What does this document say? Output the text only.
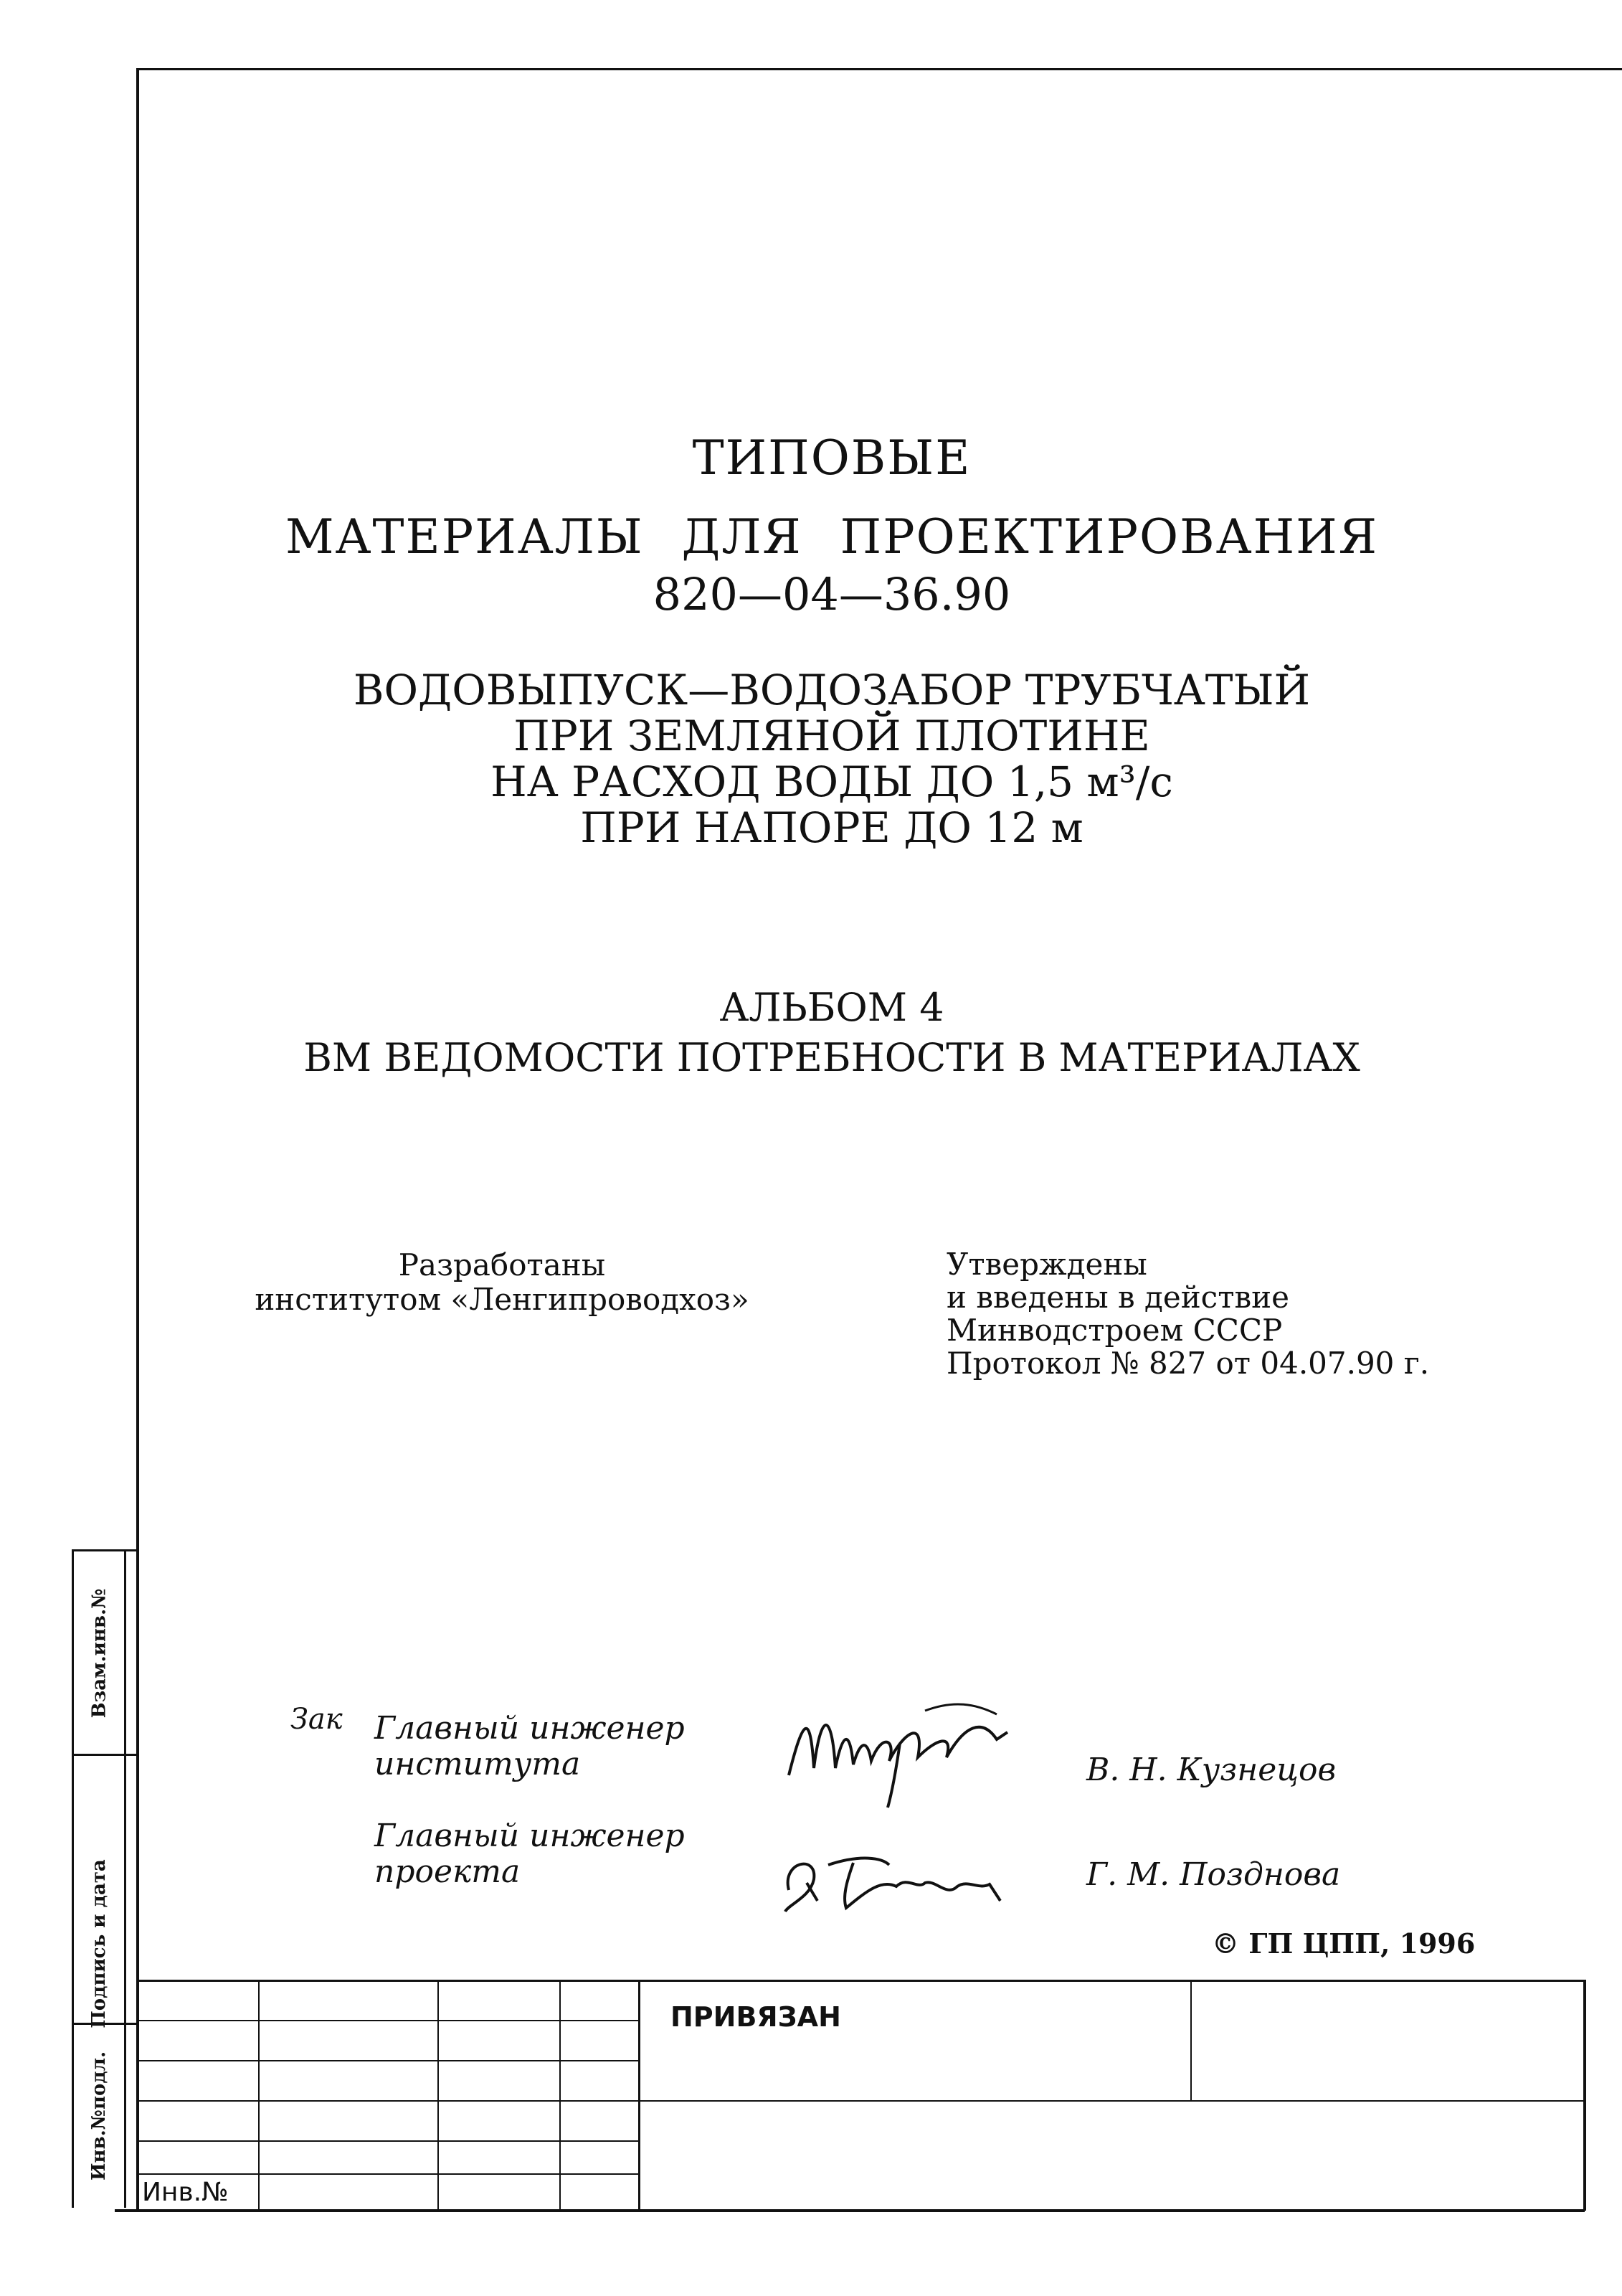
ТИПОВЫЕ
МАТЕРИАЛЫ ДЛЯ ПРОЕКТИРОВАНИЯ
820—04—36.90
ВОДОВЫПУСК—ВОДОЗАБОР ТРУБЧАТЫЙ
ПРИ ЗЕМЛЯНОЙ ПЛОТИНЕ
НА РАСХОД ВОДЫ ДО 1,5 м³/с
ПРИ НАПОРЕ ДО 12 м
АЛЬБОМ 4
ВМ ВЕДОМОСТИ ПОТРЕБНОСТИ В МАТЕРИАЛАХ
Разработаны
институтом «Ленгипроводхоз»
Утверждены
и введены в действие
Минводстроем СССР
Протокол № 827 от 04.07.90 г.
Зак Главный инженер
института	В. Н. Кузнецов
Главный инженер
проекта	Г. М. Позднова
© ГП ЦПП, 1996
Взам.инв.№
Подпись и дата
Инв.№подл.
ПРИВЯЗАН
Инв.№
